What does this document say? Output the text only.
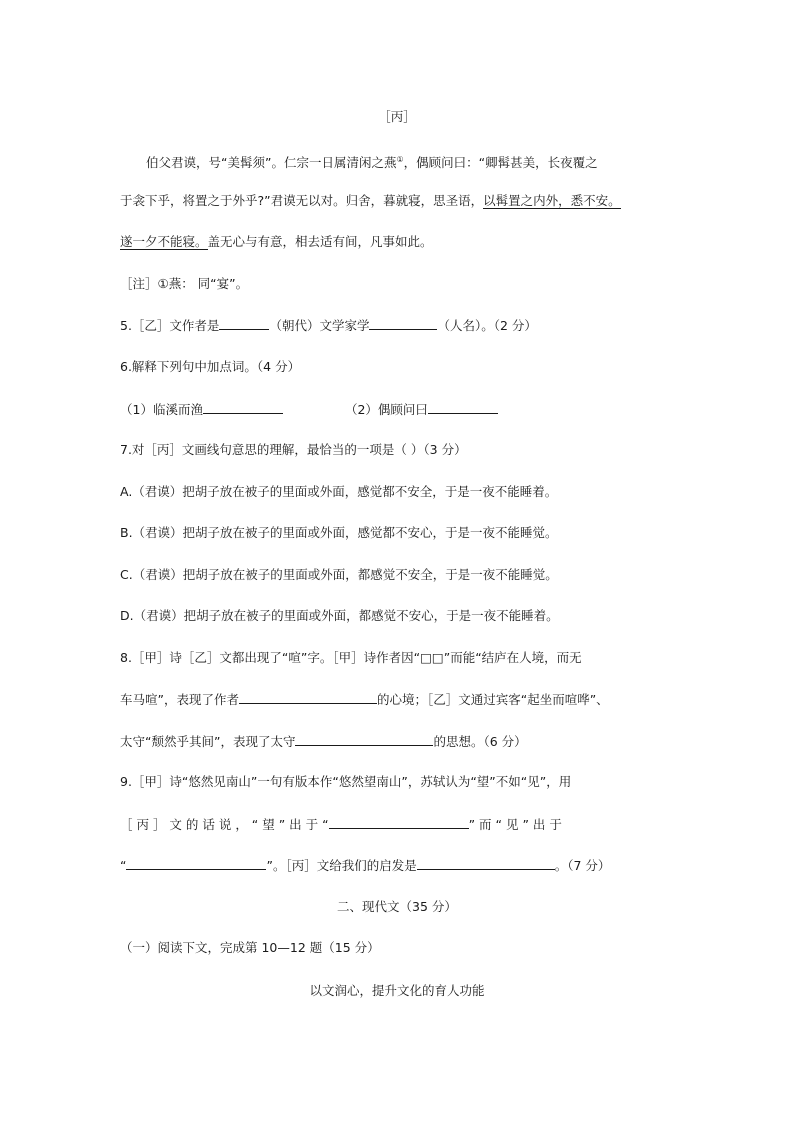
［丙］
伯父君谟，号“美髯须”。仁宗一日属清闲之燕①，偶顾问曰：“卿髯甚美，长夜覆之
于衾下乎，将置之于外乎?”君谟无以对。归舍，暮就寝，思圣语，以髯置之内外，悉不安。
遂一夕不能寝。盖无心与有意，相去适有间，凡事如此。
［注］①燕： 同“宴”。
5.［乙］文作者是	（朝代）文学家学	（人名）。（2 分）
6.解释下列句中加点词。（4 分）
（1）临溪而渔	（2）偶顾问曰
7.对［丙］文画线句意思的理解，最恰当的一项是（ ）（3 分）
A.（君谟）把胡子放在被子的里面或外面，感觉都不安全，于是一夜不能睡着。
B.（君谟）把胡子放在被子的里面或外面，感觉都不安心，于是一夜不能睡觉。
C.（君谟）把胡子放在被子的里面或外面，都感觉不安全，于是一夜不能睡觉。
D.（君谟）把胡子放在被子的里面或外面，都感觉不安心，于是一夜不能睡着。
8.［甲］诗［乙］文都出现了“喧”字。［甲］诗作者因“□□”而能“结庐在人境，而无
车马喧”，表现了作者	的心境；［乙］文通过宾客“起坐而喧哗”、
太守“颓然乎其间”，表现了太守	的思想。（6 分）
9.［甲］诗“悠然见南山”一句有版本作“悠然望南山”，苏轼认为“望”不如“见”，用
［ 丙 ］ 文 的 话 说 ， “ 望 ” 出 于 “	” 而 “ 见 ” 出 于
“	”。［丙］文给我们的启发是	。（7 分）
二、现代文（35 分）
（一）阅读下文，完成第 10—12 题（15 分）
以文润心，提升文化的育人功能
